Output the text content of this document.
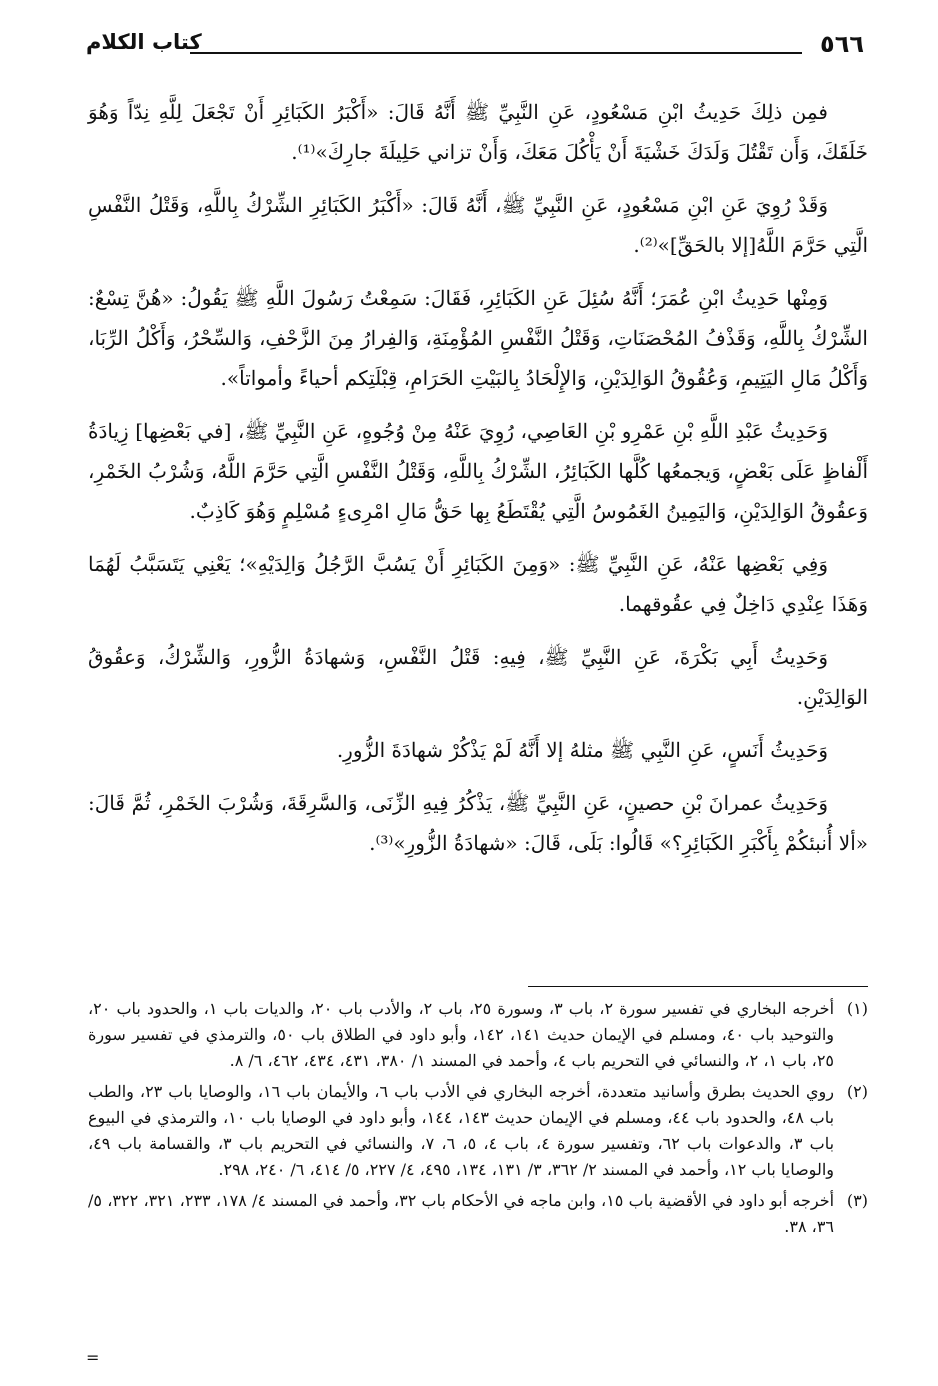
٥٦٦
كتاب الكلام

فمِن ذلِكَ حَدِيثُ ابْنِ مَسْعُودٍ، عَنِ النَّبِيِّ ﷺ أَنَّهُ قَالَ: «أَكْبَرُ الكَبَائِرِ أَنْ تَجْعَلَ لِلَّهِ نِدّاً وَهُوَ خَلَقَكَ، وَأَن تَقْتُلَ وَلَدَكَ خَشْيَةَ أَنْ يَأْكُلَ مَعَكَ، وَأَنْ تزاني حَلِيلَةَ جارِكَ»⁽¹⁾.

وَقَدْ رُوِيَ عَنِ ابْنِ مَسْعُودٍ، عَنِ النَّبِيِّ ﷺ، أَنَّهُ قَالَ: «أَكْبَرُ الكَبَائِرِ الشِّرْكُ بِاللَّهِ، وَقَتْلُ النَّفْسِ الَّتِي حَرَّمَ اللَّهُ[إلا بالحَقِّ]»⁽²⁾.

وَمِنْها حَدِيثُ ابْنِ عُمَرَ؛ أَنَّهُ سُئِلَ عَنِ الكَبَائِرِ، فَقَالَ: سَمِعْتُ رَسُولَ اللَّهِ ﷺ يَقُولُ: «هُنَّ تِسْعٌ: الشِّرْكُ بِاللَّهِ، وَقَذْفُ المُحْصَنَاتِ، وَقَتْلُ النَّفْسِ المُؤْمِنَةِ، وَالفِرارُ مِنَ الزَّحْفِ، وَالسِّحْرُ، وَأَكْلُ الرِّبَا، وَأَكْلُ مَالِ اليَتِيمِ، وَعُقُوقُ الوَالِدَيْنِ، وَالإِلْحَادُ بِالبَيْتِ الحَرَامِ، قِبْلَتِكم أحياءً وأمواتاً».

وَحَدِيثُ عَبْدِ اللَّهِ بْنِ عَمْرِو بْنِ العَاصِي، رُوِيَ عَنْهُ مِنْ وُجُوهٍ، عَنِ النَّبِيِّ ﷺ، [في بَعْضِها] زِيادَةُ أَلْفاظٍ عَلَى بَعْضٍ، وَيجمعُها كُلَّها الكَبَائِرُ، الشِّرْكُ بِاللَّهِ، وَقَتْلُ النَّفْسِ الَّتِي حَرَّمَ اللَّهُ، وَشُرْبُ الخَمْرِ، وَعقُوقُ الوَالِدَيْنِ، وَاليَمِينُ الغَمُوسُ الَّتِي يُقْتَطَعُ بِها حَقُّ مَالِ امْرِىءٍ مُسْلِمٍ وَهُوَ كَاذِبٌ.

وَفِي بَعْضِها عَنْهُ، عَنِ النَّبِيِّ ﷺ: «وَمِنَ الكَبَائِرِ أَنْ يَسُبَّ الرَّجُلُ وَالِدَيْهِ»؛ يَعْنِي يَتَسَبَّبُ لَهُمَا وَهَذَا عِنْدِي دَاخِلٌ فِي عقُوقهما.

وَحَدِيثُ أَبِي بَكْرَةَ، عَنِ النَّبِيِّ ﷺ، فِيهِ: قَتْلُ النَّفْسِ، وَشهادَةُ الزُّورِ، وَالشِّرْكُ، وَعقُوقُ الوَالِدَيْنِ.

وَحَدِيثُ أَنَسٍ، عَنِ النَّبِي ﷺ مثلهُ إلا أَنَّهُ لَمْ يَذْكُرْ شهادَةَ الزُّورِ.

وَحَدِيثُ عمرانَ بْنِ حصينٍ، عَنِ النَّبِيِّ ﷺ، يَذْكُرُ فِيهِ الزِّنَى، وَالسَّرِقَةَ، وَشُرْبَ الخَمْرِ، ثُمَّ قَالَ: «ألا أُنبئكُمْ بِأَكْبَرِ الكَبَائِرِ؟» قَالُوا: بَلَى، قَالَ: «شهادَةُ الزُّورِ»⁽³⁾.

(١)
أخرجه البخاري في تفسير سورة ٢، باب ٣، وسورة ٢٥، باب ٢، والأدب باب ٢٠، والديات باب ١، والحدود باب ٢٠، والتوحيد باب ٤٠، ومسلم في الإيمان حديث ١٤١، ١٤٢، وأبو داود في الطلاق باب ٥٠، والترمذي في تفسير سورة ٢٥، باب ١، ٢، والنسائي في التحريم باب ٤، وأحمد في المسند ١/ ٣٨٠، ٤٣١، ٤٣٤، ٤٦٢، ٦/ ٨.
(٢)
روي الحديث بطرق وأسانيد متعددة، أخرجه البخاري في الأدب باب ٦، والأيمان باب ١٦، والوصايا باب ٢٣، والطب باب ٤٨، والحدود باب ٤٤، ومسلم في الإيمان حديث ١٤٣، ١٤٤، وأبو داود في الوصايا باب ١٠، والترمذي في البيوع باب ٣، والدعوات باب ٦٢، وتفسير سورة ٤، باب ٤، ٥، ٦، ٧، والنسائي في التحريم باب ٣، والقسامة باب ٤٩، والوصايا باب ١٢، وأحمد في المسند ٢/ ٣٦٢، ٣/ ١٣١، ١٣٤، ٤٩٥، ٤/ ٢٢٧، ٥/ ٤١٤، ٦/ ٢٤٠، ٢٩٨.
(٣)
أخرجه أبو داود في الأقضية باب ١٥، وابن ماجه في الأحكام باب ٣٢، وأحمد في المسند ٤/ ١٧٨، ٢٣٣، ٣٢١، ٣٢٢، ٥/ ٣٦، ٣٨.
=
